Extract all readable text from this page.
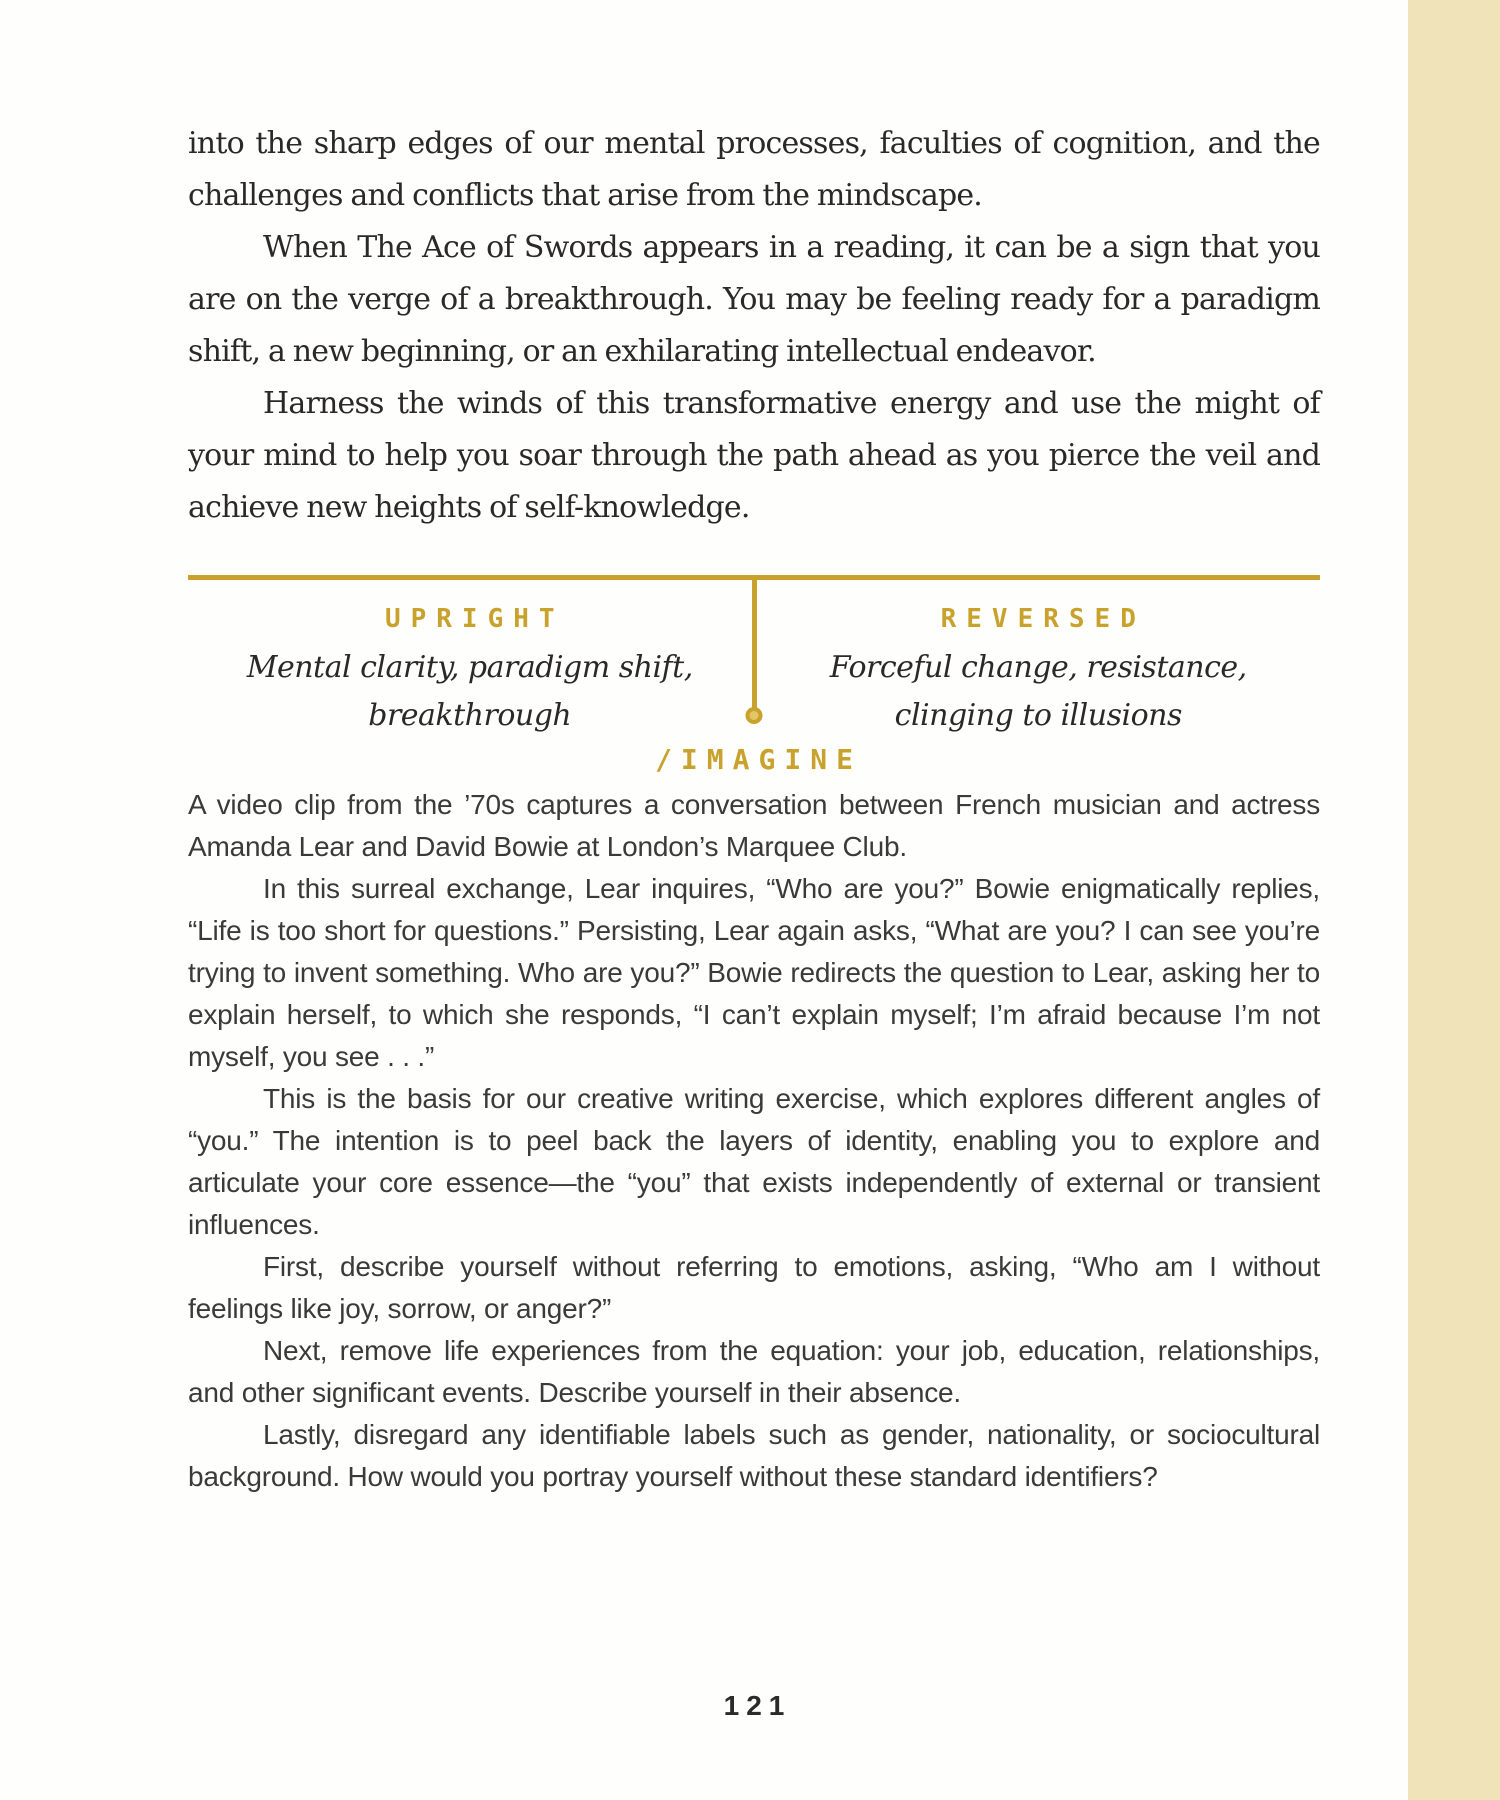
into the sharp edges of our mental processes, faculties of cognition, and the challenges and conflicts that arise from the mindscape.

When The Ace of Swords appears in a reading, it can be a sign that you are on the verge of a breakthrough. You may be feeling ready for a paradigm shift, a new beginning, or an exhilarating intellectual endeavor.

Harness the winds of this transformative energy and use the might of your mind to help you soar through the path ahead as you pierce the veil and achieve new heights of self-knowledge.

UPRIGHT

Mental clarity, paradigm shift, breakthrough

REVERSED

Forceful change, resistance, clinging to illusions

/IMAGINE

A video clip from the ’70s captures a conversation between French musician and actress Amanda Lear and David Bowie at London’s Marquee Club.

In this surreal exchange, Lear inquires, “Who are you?” Bowie enigmatically replies, “Life is too short for questions.” Persisting, Lear again asks, “What are you? I can see you’re trying to invent something. Who are you?” Bowie redirects the question to Lear, asking her to explain herself, to which she responds, “I can’t explain myself; I’m afraid because I’m not myself, you see . . .”

This is the basis for our creative writing exercise, which explores different angles of “you.” The intention is to peel back the layers of identity, enabling you to explore and articulate your core essence—the “you” that exists independently of external or transient influences.

First, describe yourself without referring to emotions, asking, “Who am I without feelings like joy, sorrow, or anger?”

Next, remove life experiences from the equation: your job, education, relationships, and other significant events. Describe yourself in their absence.

Lastly, disregard any identifiable labels such as gender, nationality, or sociocultural background. How would you portray yourself without these standard identifiers?

121
